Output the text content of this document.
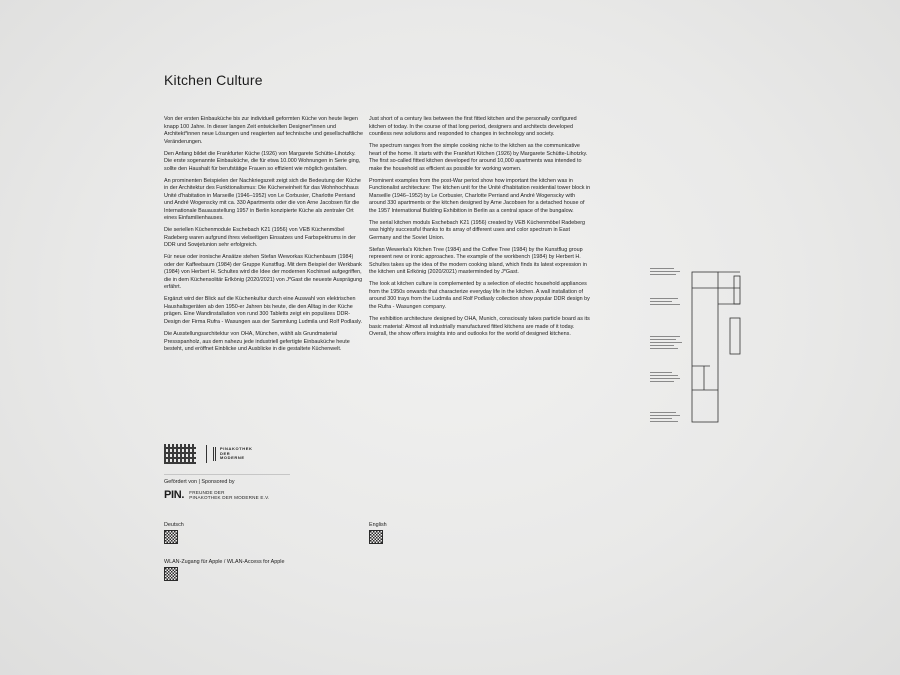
Kitchen Culture

Von der ersten Einbauküche bis zur individuell geformten Küche von heute liegen knapp 100 Jahre. In dieser langen Zeit entwickelten Designer*innen und Architekt*innen neue Lösungen und reagierten auf technische und gesellschaftliche Veränderungen.

Den Anfang bildet die Frankfurter Küche (1926) von Margarete Schütte-Lihotzky. Die erste sogenannte Einbauküche, die für etwa 10.000 Wohnungen in Serie ging, sollte den Haushalt für berufstätige Frauen so effizient wie möglich gestalten.

An prominenten Beispielen der Nachkriegszeit zeigt sich die Bedeutung der Küche in der Architektur des Funktionalismus: Die Kücheneinheit für das Wohnhochhaus Unité d'habitation in Marseille (1946–1952) von Le Corbusier, Charlotte Perriand und André Wogenscky mit ca. 330 Apartments oder die von Arne Jacobsen für die Internationale Bauausstellung 1957 in Berlin konzipierte Küche als zentraler Ort eines Einfamilienhauses.

Die seriellen Küchenmodule Eschebach K21 (1956) von VEB Küchenmöbel Radeberg waren aufgrund ihres vielseitigen Einsatzes und Farbspektrums in der DDR und Sowjetunion sehr erfolgreich.

Für neue oder ironische Ansätze stehen Stefan Weworkas Küchenbaum (1984) oder der Kaffeebaum (1984) der Gruppe Kunstflug. Mit dem Beispiel der Werkbank (1984) von Herbert H. Schultes wird die Idee der modernen Kochinsel aufgegriffen, die in dem Küchensolitär Erlkönig (2020/2021) von J*Gast die neueste Ausprägung erfährt.

Ergänzt wird der Blick auf die Küchenkultur durch eine Auswahl von elektrischen Haushaltsgeräten ab den 1950-er Jahren bis heute, die den Alltag in der Küche prägen. Eine Wandinstallation von rund 300 Tabletts zeigt ein populäres DDR-Design der Firma Rufra - Wasungen aus der Sammlung Ludmila und Rolf Podlasly.

Die Ausstellungsarchitektur von OHA, München, wählt als Grundmaterial Pressspanholz, aus dem nahezu jede industriell gefertigte Einbauküche heute besteht, und eröffnet Einblicke und Ausblicke in die gestaltete Küchenwelt.

Just short of a century lies between the first fitted kitchen and the personally configured kitchen of today. In the course of that long period, designers and architects developed countless new solutions and responded to changes in technology and society.

The spectrum ranges from the simple cooking niche to the kitchen as the communicative heart of the home. It starts with the Frankfurt Kitchen (1926) by Margarete Schütte-Lihotzky. The first so-called fitted kitchen developed for around 10,000 apartments was intended to make the household as efficient as possible for working women.

Prominent examples from the post-War period show how important the kitchen was in Functionalist architecture: The kitchen unit for the Unité d'habitation residential tower block in Marseille (1946–1952) by Le Corbusier, Charlotte Perriand and André Wogenscky with around 330 apartments or the kitchen designed by Arne Jacobsen for a detached house of the 1957 International Building Exhibition in Berlin as a central space of the bungalow.

The serial kitchen moduls Eschebach K21 (1956) created by VEB Küchenmöbel Radeberg was highly successful thanks to its array of different uses and color spectrum in East Germany and the Soviet Union.

Stefan Wewerka's Kitchen Tree (1984) and the Coffee Tree (1984) by the Kunstflug group represent new or ironic approaches. The example of the workbench (1984) by Herbert H. Schultes takes up the idea of the modern cooking island, which finds its latest expression in the kitchen unit Erlkönig (2020/2021) masterminded by J*Gast.

The look at kitchen culture is complemented by a selection of electric household appliances from the 1950s onwards that characterize everyday life in the kitchen. A wall installation of around 300 trays from the Ludmila and Rolf Podlasly collection show popular DDR design by the Rufra - Wasungen company.

The exhibition architecture designed by OHA, Munich, consciously takes particle board as its basic material: Almost all industrially manufactured fitted kitchens are made of it today. Overall, the show offers insights into and outlooks for the world of designed kitchens.

PINAKOTHEK
DER
MODERNE
Gefördert von | Sponsored by
PIN. FREUNDE DER
PINAKOTHEK DER MODERNE E.V.
Deutsch	English
WLAN-Zugang für Apple / WLAN-Access for Apple
